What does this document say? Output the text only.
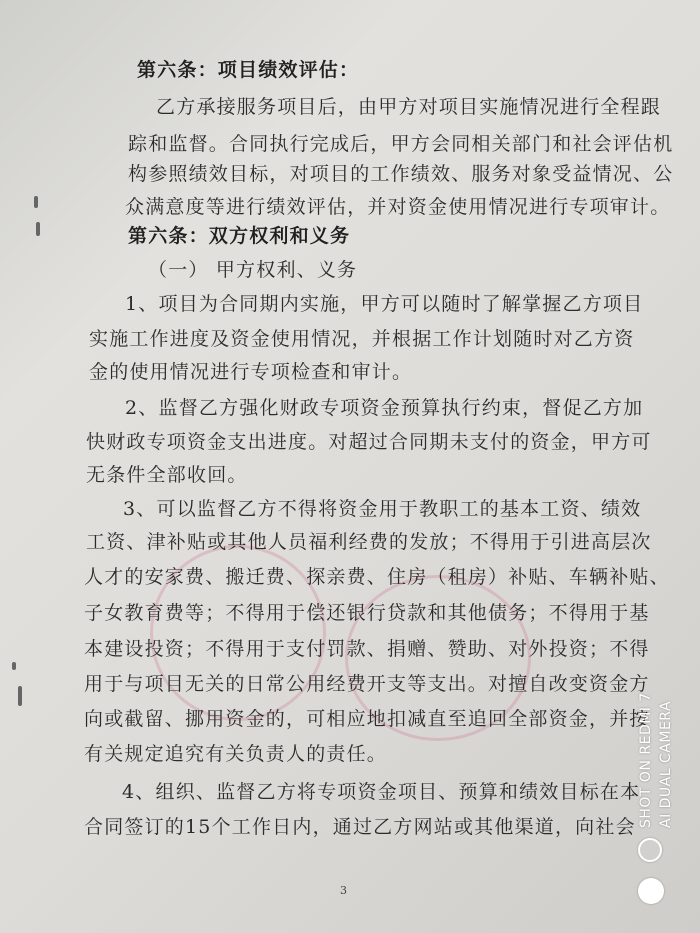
第六条：项目绩效评估：
乙方承接服务项目后，由甲方对项目实施情况进行全程跟
踪和监督。合同执行完成后，甲方会同相关部门和社会评估机
构参照绩效目标，对项目的工作绩效、服务对象受益情况、公
众满意度等进行绩效评估，并对资金使用情况进行专项审计。
第六条：双方权利和义务
（一） 甲方权利、义务
1、项目为合同期内实施，甲方可以随时了解掌握乙方项目
实施工作进度及资金使用情况，并根据工作计划随时对乙方资
金的使用情况进行专项检查和审计。
2、监督乙方强化财政专项资金预算执行约束，督促乙方加
快财政专项资金支出进度。对超过合同期未支付的资金，甲方可
无条件全部收回。
3、可以监督乙方不得将资金用于教职工的基本工资、绩效
工资、津补贴或其他人员福利经费的发放；不得用于引进高层次
人才的安家费、搬迁费、探亲费、住房（租房）补贴、车辆补贴、
子女教育费等；不得用于偿还银行贷款和其他债务；不得用于基
本建设投资；不得用于支付罚款、捐赠、赞助、对外投资；不得
用于与项目无关的日常公用经费开支等支出。对擅自改变资金方
向或截留、挪用资金的，可相应地扣减直至追回全部资金，并按
有关规定追究有关负责人的责任。
4、组织、监督乙方将专项资金项目、预算和绩效目标在本
合同签订的15个工作日内，通过乙方网站或其他渠道，向社会
3
SHOT ON REDMI 7 AI DUAL CAMERA
